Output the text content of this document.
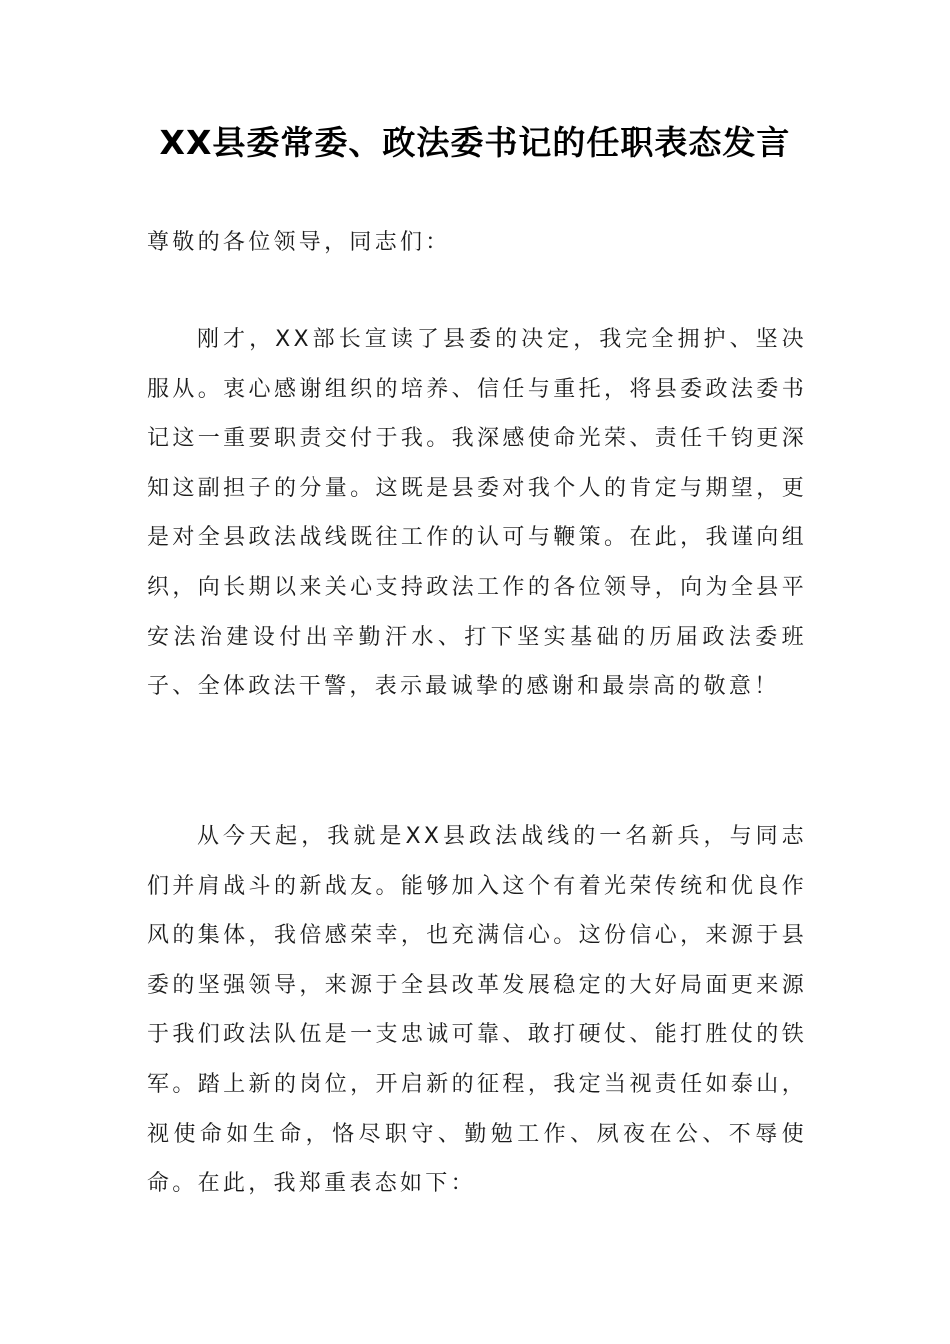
XX县委常委、政法委书记的任职表态发言

尊敬的各位领导，同志们：

刚才，XX部长宣读了县委的决定，我完全拥护、坚决服从。衷心感谢组织的培养、信任与重托，将县委政法委书记这一重要职责交付于我。我深感使命光荣、责任千钧更深知这副担子的分量。这既是县委对我个人的肯定与期望，更是对全县政法战线既往工作的认可与鞭策。在此，我谨向组织，向长期以来关心支持政法工作的各位领导，向为全县平安法治建设付出辛勤汗水、打下坚实基础的历届政法委班子、全体政法干警，表示最诚挚的感谢和最崇高的敬意！

从今天起，我就是XX县政法战线的一名新兵，与同志们并肩战斗的新战友。能够加入这个有着光荣传统和优良作风的集体，我倍感荣幸，也充满信心。这份信心，来源于县委的坚强领导，来源于全县改革发展稳定的大好局面更来源于我们政法队伍是一支忠诚可靠、敢打硬仗、能打胜仗的铁军。踏上新的岗位，开启新的征程，我定当视责任如泰山，视使命如生命，恪尽职守、勤勉工作、夙夜在公、不辱使命。在此，我郑重表态如下：
